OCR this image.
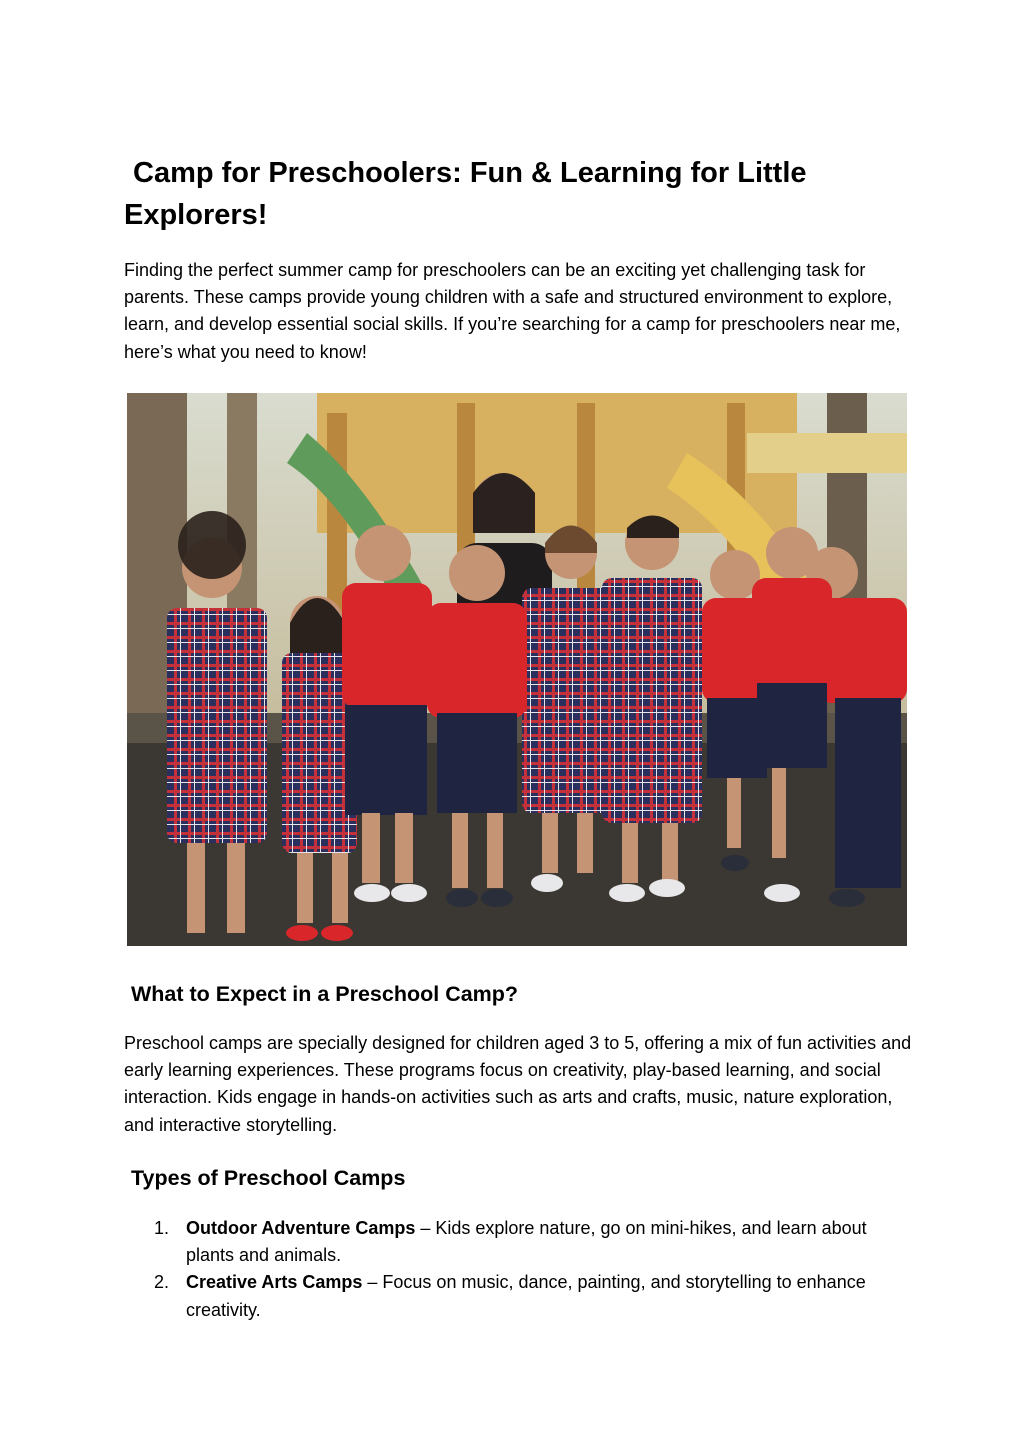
Camp for Preschoolers: Fun & Learning for Little Explorers!

Finding the perfect summer camp for preschoolers can be an exciting yet challenging task for parents. These camps provide young children with a safe and structured environment to explore, learn, and develop essential social skills. If you’re searching for a camp for preschoolers near me, here’s what you need to know!

What to Expect in a Preschool Camp?

Preschool camps are specially designed for children aged 3 to 5, offering a mix of fun activities and early learning experiences. These programs focus on creativity, play-based learning, and social interaction. Kids engage in hands-on activities such as arts and crafts, music, nature exploration, and interactive storytelling.

Types of Preschool Camps
1. Outdoor Adventure Camps – Kids explore nature, go on mini-hikes, and learn about plants and animals.
2. Creative Arts Camps – Focus on music, dance, painting, and storytelling to enhance creativity.
